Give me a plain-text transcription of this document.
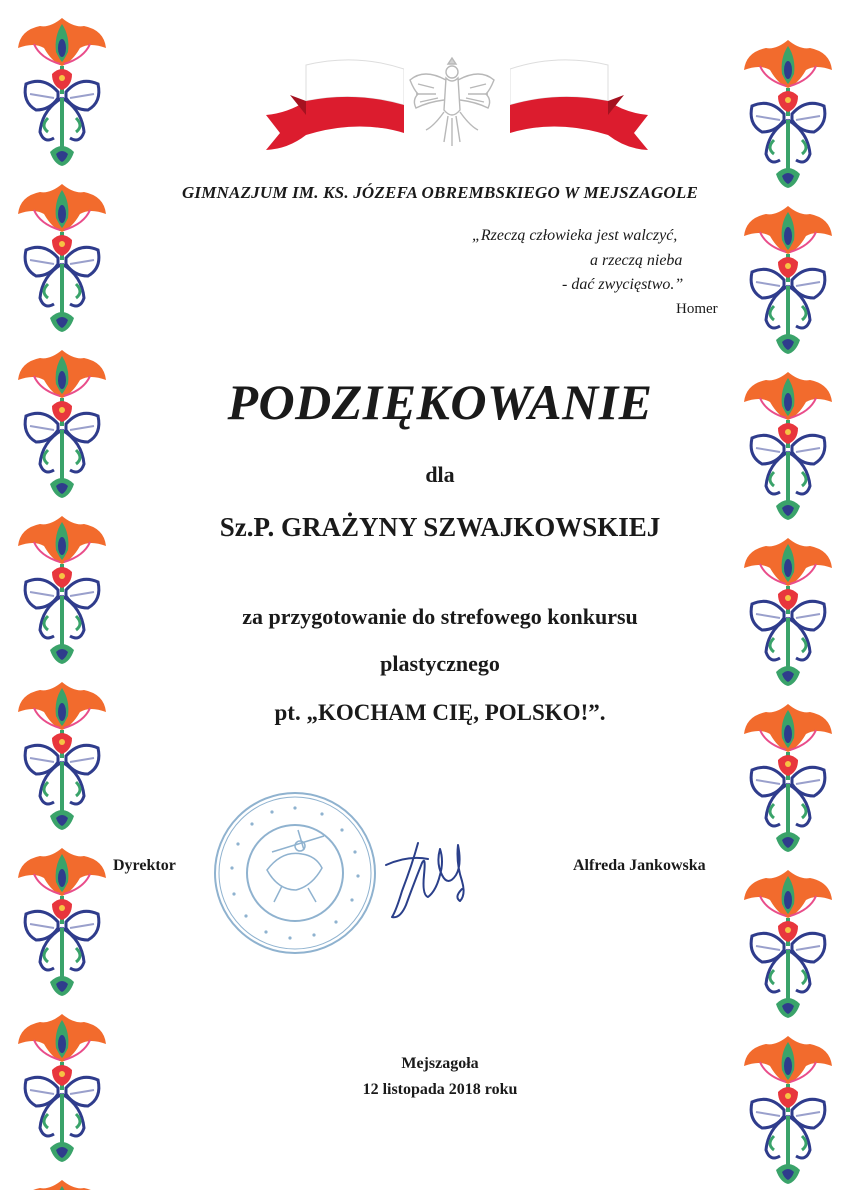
GIMNAZJUM IM. KS. JÓZEFA OBREMBSKIEGO W MEJSZAGOLE
„Rzeczą człowieka jest walczyć,
a rzeczą nieba
- dać zwycięstwo.”
Homer
PODZIĘKOWANIE
dla
Sz.P. GRAŻYNY SZWAJKOWSKIEJ
za przygotowanie do strefowego konkursu
plastycznego
pt. „KOCHAM CIĘ, POLSKO!”.
Dyrektor	Alfreda Jankowska
Mejszagoła
12 listopada 2018 roku
